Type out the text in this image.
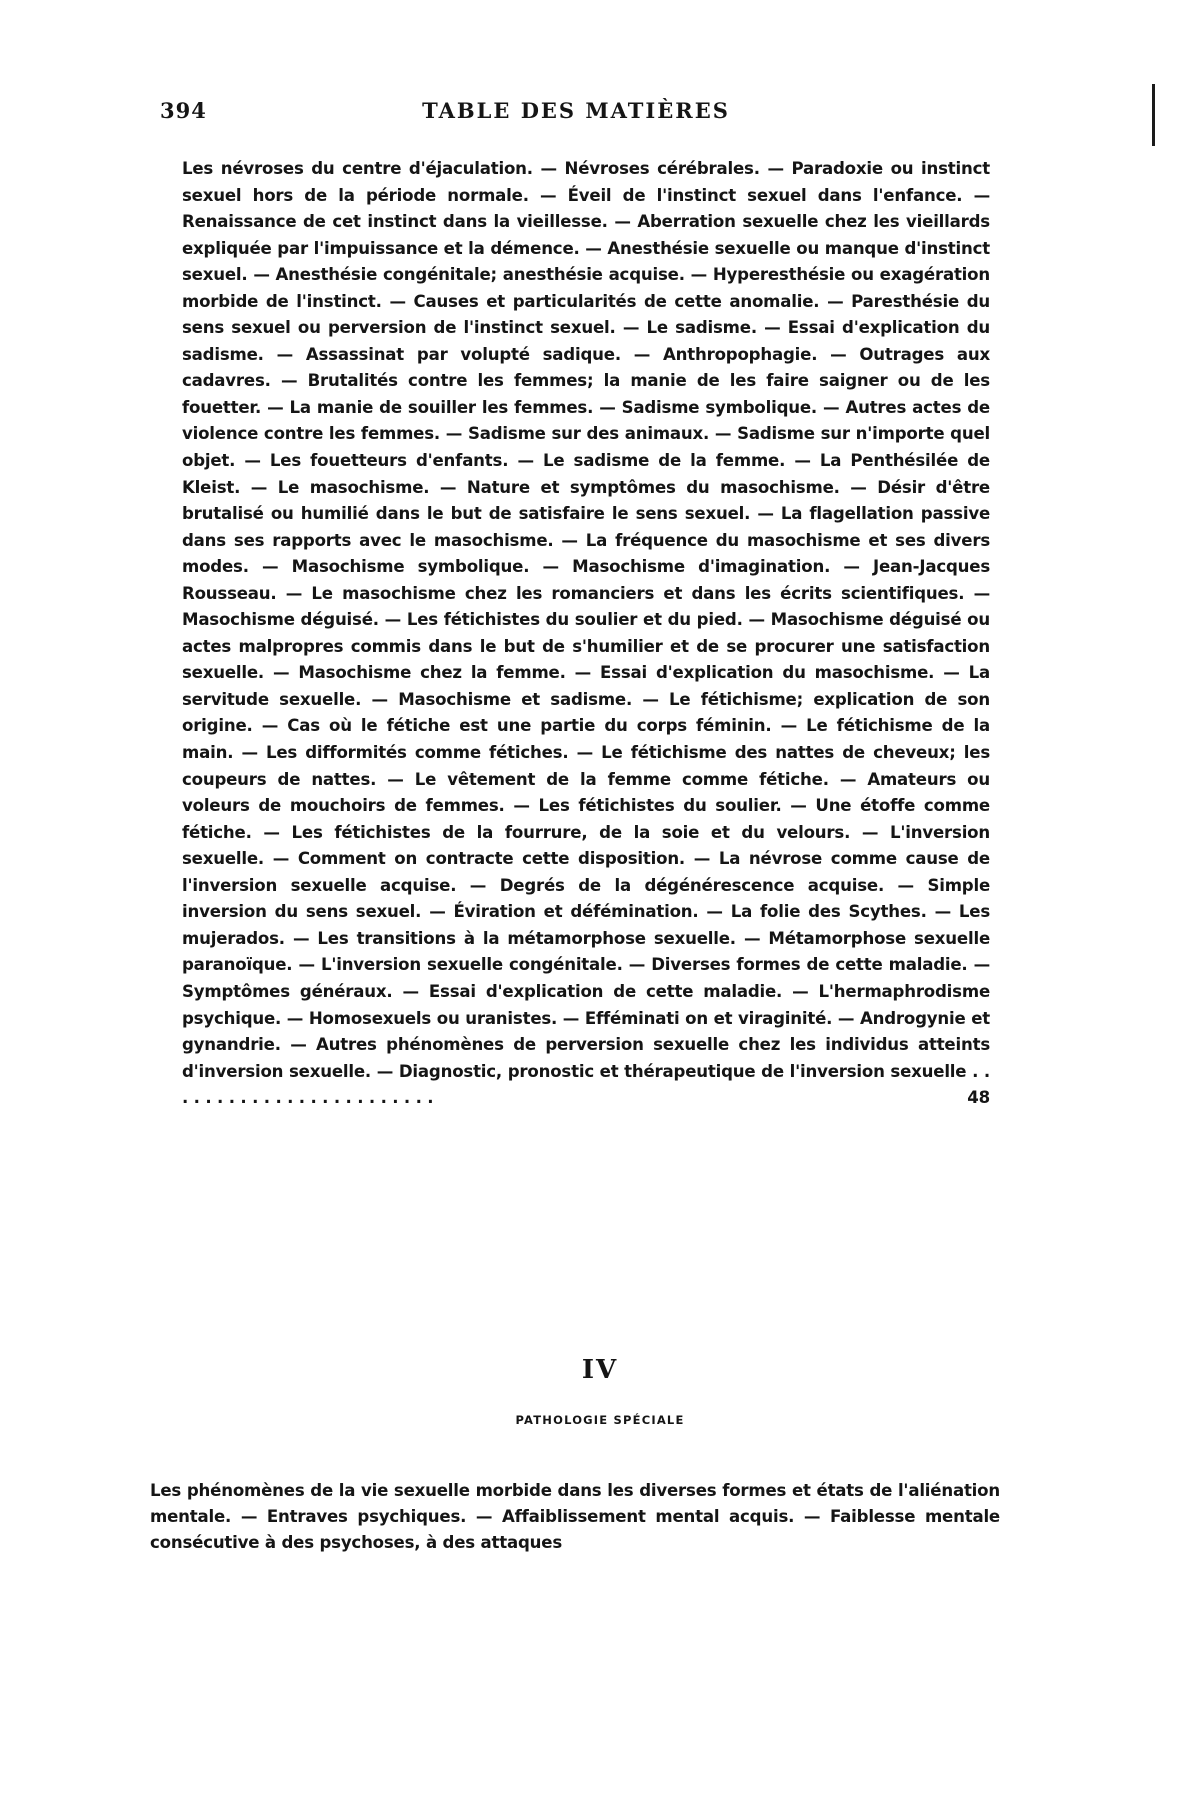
394	TABLE DES MATIÈRES
Les névroses du centre d'éjaculation. — Névroses cérébrales. — Paradoxie ou instinct sexuel hors de la période normale. — Éveil de l'instinct sexuel dans l'enfance. — Renaissance de cet instinct dans la vieillesse. — Aberration sexuelle chez les vieillards expliquée par l'impuissance et la démence. — Anesthésie sexuelle ou manque d'instinct sexuel. — Anesthésie congénitale; anesthésie acquise. — Hyperesthésie ou exagération morbide de l'instinct. — Causes et particularités de cette anomalie. — Paresthésie du sens sexuel ou perversion de l'instinct sexuel. — Le sadisme. — Essai d'explication du sadisme. — Assassinat par volupté sadique. — Anthropophagie. — Outrages aux cadavres. — Brutalités contre les femmes; la manie de les faire saigner ou de les fouetter. — La manie de souiller les femmes. — Sadisme symbolique. — Autres actes de violence contre les femmes. — Sadisme sur des animaux. — Sadisme sur n'importe quel objet. — Les fouetteurs d'enfants. — Le sadisme de la femme. — La Penthésilée de Kleist. — Le masochisme. — Nature et symptômes du masochisme. — Désir d'être brutalisé ou humilié dans le but de satisfaire le sens sexuel. — La flagellation passive dans ses rapports avec le masochisme. — La fréquence du masochisme et ses divers modes. — Masochisme symbolique. — Masochisme d'imagination. — Jean-Jacques Rousseau. — Le masochisme chez les romanciers et dans les écrits scientifiques. — Masochisme déguisé. — Les fétichistes du soulier et du pied. — Masochisme déguisé ou actes malpropres commis dans le but de s'humilier et de se procurer une satisfaction sexuelle. — Masochisme chez la femme. — Essai d'explication du masochisme. — La servitude sexuelle. — Masochisme et sadisme. — Le fétichisme; explication de son origine. — Cas où le fétiche est une partie du corps féminin. — Le fétichisme de la main. — Les difformités comme fétiches. — Le fétichisme des nattes de cheveux; les coupeurs de nattes. — Le vêtement de la femme comme fétiche. — Amateurs ou voleurs de mouchoirs de femmes. — Les fétichistes du soulier. — Une étoffe comme fétiche. — Les fétichistes de la fourrure, de la soie et du velours. — L'inversion sexuelle. — Comment on contracte cette disposition. — La névrose comme cause de l'inversion sexuelle acquise. — Degrés de la dégénérescence acquise. — Simple inversion du sens sexuel. — Éviration et défémination. — La folie des Scythes. — Les mujerados. — Les transitions à la métamorphose sexuelle. — Métamorphose sexuelle paranoïque. — L'inversion sexuelle congénitale. — Diverses formes de cette maladie. — Symptômes généraux. — Essai d'explication de cette maladie. — L'hermaphrodisme psychique. — Homosexuels ou uranistes. — Efféminati on et viraginité. — Androgynie et gynandrie. — Autres phénomènes de perversion sexuelle chez les individus atteints d'inversion sexuelle. — Diagnostic, pronostic et thérapeutique de l'inversion sexuelle . . . . . . . . . . . . . . . . . . . . . . . .	48
IV
PATHOLOGIE SPÉCIALE
Les phénomènes de la vie sexuelle morbide dans les diverses formes et états de l'aliénation mentale. — Entraves psychiques. — Affaiblissement mental acquis. — Faiblesse mentale consécutive à des psychoses, à des attaques
